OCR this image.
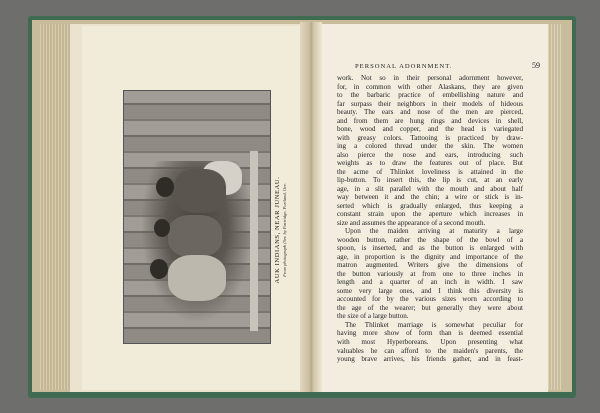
AUK INDIANS, NEAR JUNEAU. From photograph (Ser. by Partridge, Portland, Ore.
PERSONAL ADORNMENT.	59
work. Not so in their personal adornment however,
for, in common with other Alaskans, they are given
to the barbaric practice of embellishing nature and
far surpass their neighbors in their models of hideous
beauty. The ears and nose of the men are pierced,
and from them are hung rings and devices in shell,
bone, wood and copper, and the head is variegated
with greasy colors. Tattooing is practiced by draw-
ing a colored thread under the skin. The women
also pierce the nose and ears, introducing such
weights as to draw the features out of place. But
the acme of Thlinket loveliness is attained in the
lip-button. To insert this, the lip is cut, at an early
age, in a slit parallel with the mouth and about half
way between it and the chin; a wire or stick is in-
serted which is gradually enlarged, thus keeping a
constant strain upon the aperture which increases in
size and assumes the appearance of a second mouth.
Upon the maiden arriving at maturity a large
wooden button, rather the shape of the bowl of a
spoon, is inserted, and as the button is enlarged with
age, in proportion is the dignity and importance of the
matron augmented. Writers give the dimensions of
the button variously at from one to three inches in
length and a quarter of an inch in width. I saw
some very large ones, and I think this diversity is
accounted for by the various sizes worn according to
the age of the wearer; but generally they were about
the size of a large button.
The Thlinket marriage is somewhat peculiar for
having more show of form than is deemed essential
with most Hyperboreans. Upon presenting what
valuables he can afford to the maiden's parents, the
young brave arrives, his friends gather, and in feast-
